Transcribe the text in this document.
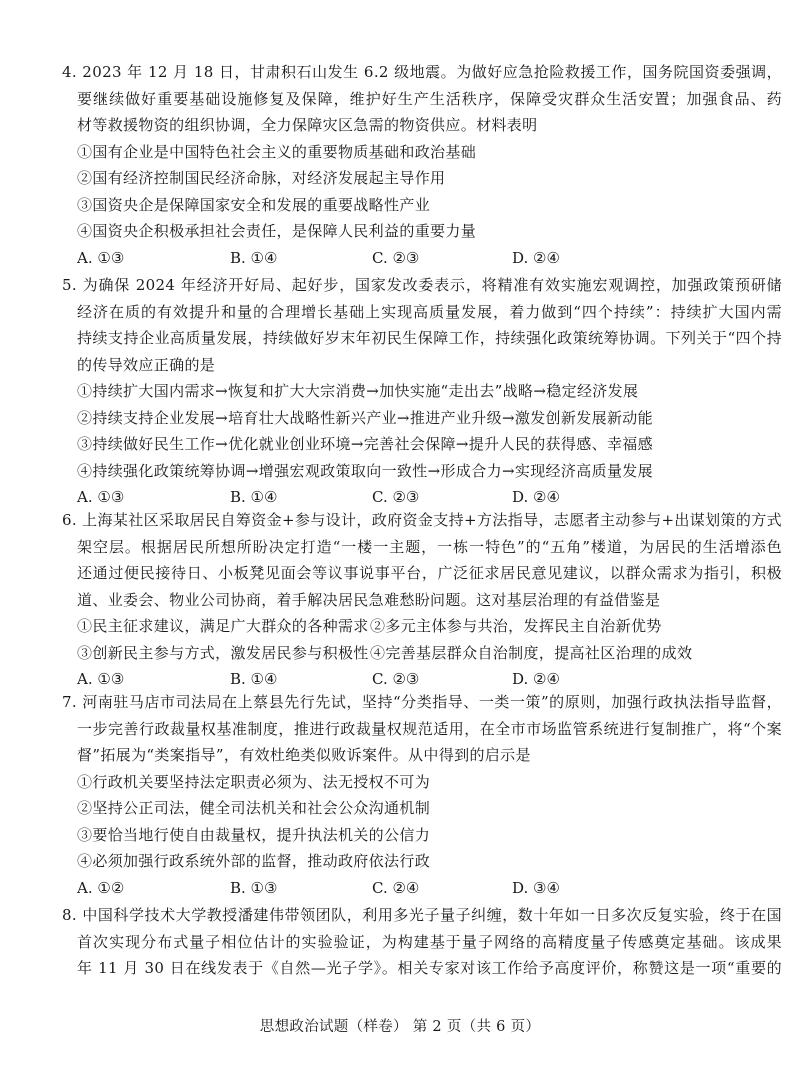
4. 2023 年 12 月 18 日，甘肃积石山发生 6.2 级地震。为做好应急抢险救援工作，国务院国资委强调，
要继续做好重要基础设施修复及保障，维护好生产生活秩序，保障受灾群众生活安置；加强食品、药
材等救援物资的组织协调，全力保障灾区急需的物资供应。材料表明
①国有企业是中国特色社会主义的重要物质基础和政治基础
②国有经济控制国民经济命脉，对经济发展起主导作用
③国资央企是保障国家安全和发展的重要战略性产业
④国资央企积极承担社会责任，是保障人民利益的重要力量
A. ①③	B. ①④	C. ②③	D. ②④
5. 为确保 2024 年经济开好局、起好步，国家发改委表示，将精准有效实施宏观调控，加强政策预研储
经济在质的有效提升和量的合理增长基础上实现高质量发展，着力做到“四个持续”：持续扩大国内需
持续支持企业高质量发展，持续做好岁末年初民生保障工作，持续强化政策统筹协调。下列关于“四个持
的传导效应正确的是
①持续扩大国内需求→恢复和扩大大宗消费→加快实施“走出去”战略→稳定经济发展
②持续支持企业发展→培育壮大战略性新兴产业→推进产业升级→激发创新发展新动能
③持续做好民生工作→优化就业创业环境→完善社会保障→提升人民的获得感、幸福感
④持续强化政策统筹协调→增强宏观政策取向一致性→形成合力→实现经济高质量发展
A. ①③	B. ①④	C. ②③	D. ②④
6. 上海某社区采取居民自筹资金+参与设计，政府资金支持+方法指导，志愿者主动参与+出谋划策的方式
架空层。根据居民所想所盼决定打造“一楼一主题，一栋一特色”的“五角”楼道，为居民的生活增添色
还通过便民接待日、小板凳见面会等议事说事平台，广泛征求居民意见建议，以群众需求为指引，积极
道、业委会、物业公司协商，着手解决居民急难愁盼问题。这对基层治理的有益借鉴是
①民主征求建议，满足广大群众的各种需求 ②多元主体参与共治，发挥民主自治新优势
③创新民主参与方式，激发居民参与积极性 ④完善基层群众自治制度，提高社区治理的成效
A. ①③	B. ①④	C. ②③	D. ②④
7. 河南驻马店市司法局在上蔡县先行先试，坚持“分类指导、一类一策”的原则，加强行政执法指导监督，
一步完善行政裁量权基准制度，推进行政裁量权规范适用，在全市市场监管系统进行复制推广，将“个案
督”拓展为“类案指导”，有效杜绝类似败诉案件。从中得到的启示是
①行政机关要坚持法定职责必须为、法无授权不可为
②坚持公正司法，健全司法机关和社会公众沟通机制
③要恰当地行使自由裁量权，提升执法机关的公信力
④必须加强行政系统外部的监督，推动政府依法行政
A. ①②	B. ①③	C. ②④	D. ③④
8. 中国科学技术大学教授潘建伟带领团队，利用多光子量子纠缠，数十年如一日多次反复实验，终于在国
首次实现分布式量子相位估计的实验验证，为构建基于量子网络的高精度量子传感奠定基础。该成果
年 11 月 30 日在线发表于《自然—光子学》。相关专家对该工作给予高度评价，称赞这是一项“重要的
思想政治试题（样卷） 第 2 页（共 6 页）
